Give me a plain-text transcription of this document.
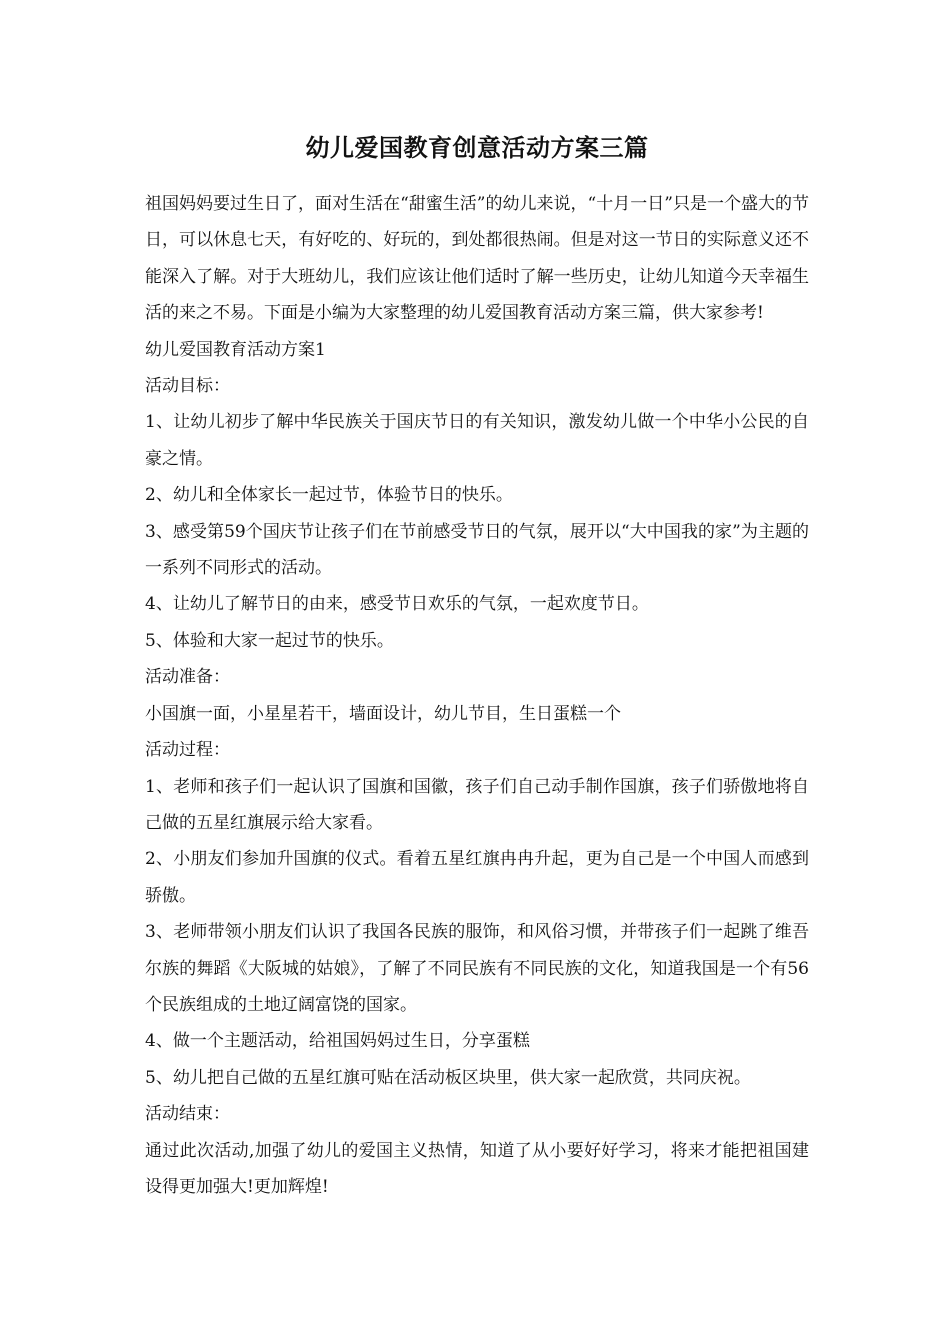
幼儿爱国教育创意活动方案三篇

祖国妈妈要过生日了，面对生活在“甜蜜生活”的幼儿来说，“十月一日”只是一个盛大的节日，可以休息七天，有好吃的、好玩的，到处都很热闹。但是对这一节日的实际意义还不能深入了解。对于大班幼儿，我们应该让他们适时了解一些历史，让幼儿知道今天幸福生活的来之不易。下面是小编为大家整理的幼儿爱国教育活动方案三篇，供大家参考!

幼儿爱国教育活动方案1

活动目标：

1、让幼儿初步了解中华民族关于国庆节日的有关知识，激发幼儿做一个中华小公民的自豪之情。

2、幼儿和全体家长一起过节，体验节日的快乐。

3、感受第59个国庆节让孩子们在节前感受节日的气氛，展开以“大中国我的家”为主题的一系列不同形式的活动。

4、让幼儿了解节日的由来，感受节日欢乐的气氛，一起欢度节日。

5、体验和大家一起过节的快乐。

活动准备：

小国旗一面，小星星若干，墙面设计，幼儿节目，生日蛋糕一个

活动过程：

1、老师和孩子们一起认识了国旗和国徽，孩子们自己动手制作国旗，孩子们骄傲地将自己做的五星红旗展示给大家看。

2、小朋友们参加升国旗的仪式。看着五星红旗冉冉升起，更为自己是一个中国人而感到骄傲。

3、老师带领小朋友们认识了我国各民族的服饰，和风俗习惯，并带孩子们一起跳了维吾尔族的舞蹈《大阪城的姑娘》，了解了不同民族有不同民族的文化，知道我国是一个有56个民族组成的土地辽阔富饶的国家。

4、做一个主题活动，给祖国妈妈过生日，分享蛋糕

5、幼儿把自己做的五星红旗可贴在活动板区块里，供大家一起欣赏，共同庆祝。

活动结束：

通过此次活动,加强了幼儿的爱国主义热情，知道了从小要好好学习，将来才能把祖国建设得更加强大!更加辉煌!
